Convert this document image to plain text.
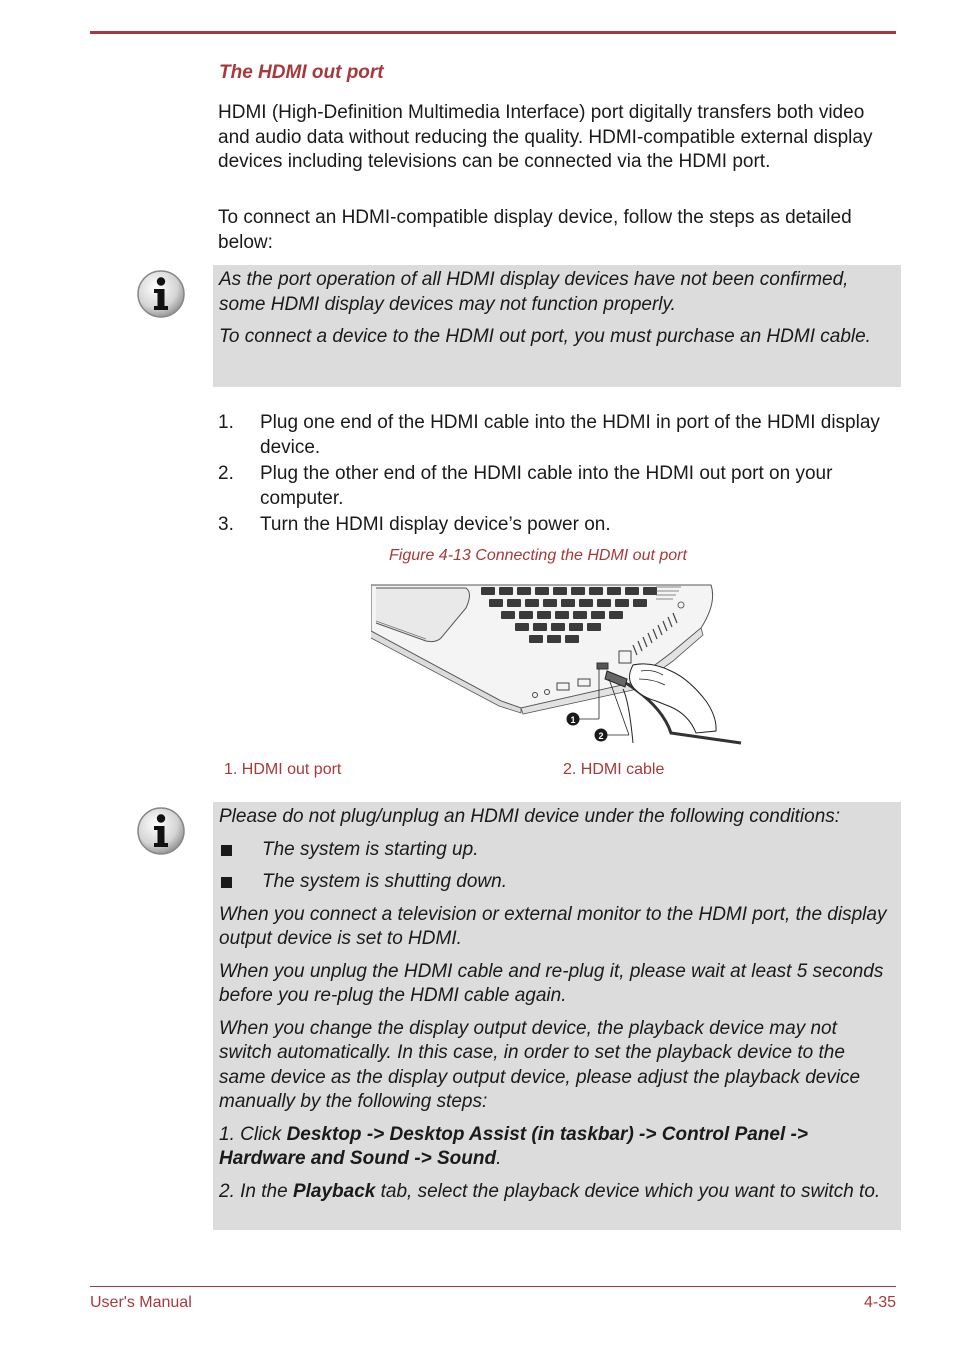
The HDMI out port

HDMI (High-Definition Multimedia Interface) port digitally transfers both video and audio data without reducing the quality. HDMI-compatible external display devices including televisions can be connected via the HDMI port.

To connect an HDMI-compatible display device, follow the steps as detailed below:

As the port operation of all HDMI display devices have not been confirmed, some HDMI display devices may not function properly.

To connect a device to the HDMI out port, you must purchase an HDMI cable.

1. Plug one end of the HDMI cable into the HDMI in port of the HDMI display device.
2. Plug the other end of the HDMI cable into the HDMI out port on your computer.
3. Turn the HDMI display device’s power on.

Figure 4-13 Connecting the HDMI out port

1
2

1. HDMI out port	2. HDMI cable

Please do not plug/unplug an HDMI device under the following conditions:

The system is starting up.
The system is shutting down.

When you connect a television or external monitor to the HDMI port, the display output device is set to HDMI.

When you unplug the HDMI cable and re-plug it, please wait at least 5 seconds before you re-plug the HDMI cable again.

When you change the display output device, the playback device may not switch automatically. In this case, in order to set the playback device to the same device as the display output device, please adjust the playback device manually by the following steps:

1. Click Desktop -> Desktop Assist (in taskbar) -> Control Panel -> Hardware and Sound -> Sound.

2. In the Playback tab, select the playback device which you want to switch to.

User's Manual	4-35
